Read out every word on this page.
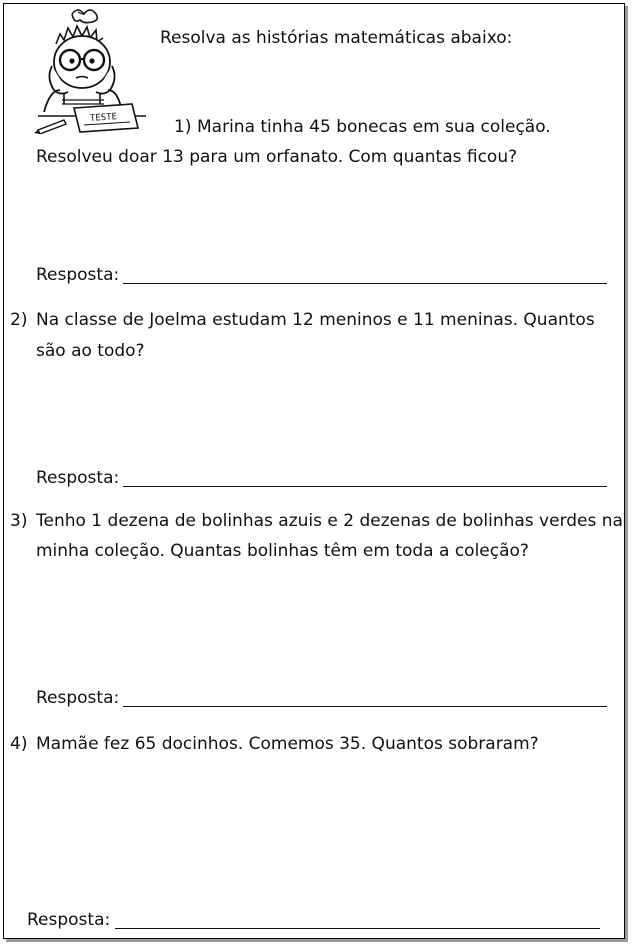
TESTE
Resolva as histórias matemáticas abaixo:
1) Marina tinha 45 bonecas em sua coleção.
Resolveu doar 13 para um orfanato. Com quantas ficou?
Resposta:
2) Na classe de Joelma estudam 12 meninos e 11 meninas. Quantos
são ao todo?
Resposta:
3) Tenho 1 dezena de bolinhas azuis e 2 dezenas de bolinhas verdes na
minha coleção. Quantas bolinhas têm em toda a coleção?
Resposta:
4) Mamãe fez 65 docinhos. Comemos 35. Quantos sobraram?
Resposta:
